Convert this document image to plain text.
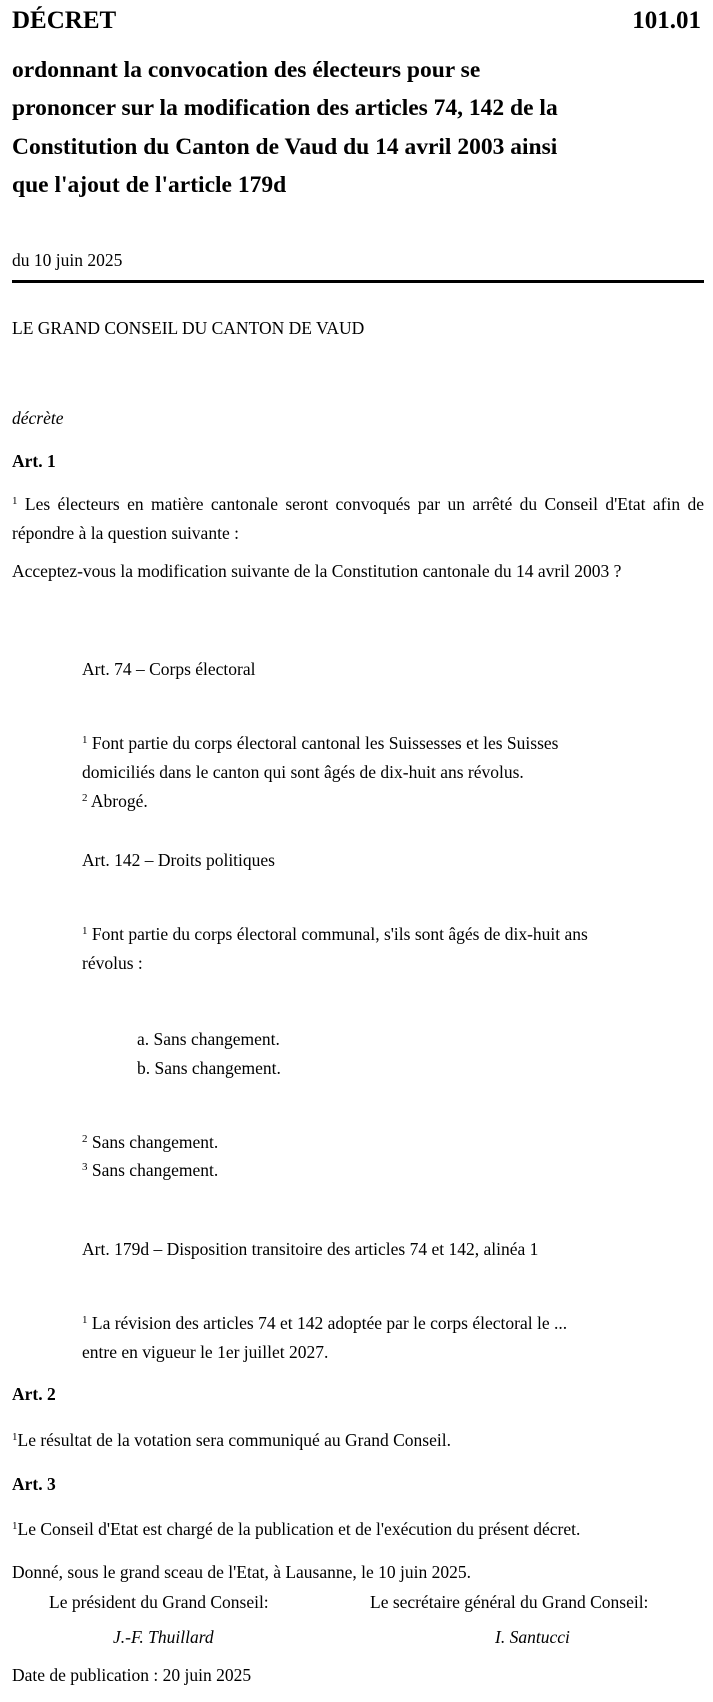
DÉCRET	101.01
ordonnant la convocation des électeurs pour se
prononcer sur la modification des articles 74, 142 de la
Constitution du Canton de Vaud du 14 avril 2003 ainsi
que l'ajout de l'article 179d
du 10 juin 2025
LE GRAND CONSEIL DU CANTON DE VAUD
décrète
Art. 1
$^1$ Les électeurs en matière cantonale seront convoqués par un arrêté du Conseil d'Etat afin de répondre à la question suivante :
Acceptez-vous la modification suivante de la Constitution cantonale du 14 avril 2003 ?
Art. 74 – Corps électoral
$^1$ Font partie du corps électoral cantonal les Suissesses et les Suisses
domiciliés dans le canton qui sont âgés de dix-huit ans révolus.
$^2$ Abrogé.
Art. 142 – Droits politiques
$^1$ Font partie du corps électoral communal, s'ils sont âgés de dix-huit ans
révolus :
a. Sans changement.
b. Sans changement.
$^2$ Sans changement.
$^3$ Sans changement.
Art. 179d – Disposition transitoire des articles 74 et 142, alinéa 1
$^1$ La révision des articles 74 et 142 adoptée par le corps électoral le ...
entre en vigueur le 1er juillet 2027.
Art. 2
$^1$Le résultat de la votation sera communiqué au Grand Conseil.
Art. 3
$^1$Le Conseil d'Etat est chargé de la publication et de l'exécution du présent décret.
Donné, sous le grand sceau de l'Etat, à Lausanne, le 10 juin 2025.
Le président du Grand Conseil:
J.-F. Thuillard
Le secrétaire général du Grand Conseil:
I. Santucci
Date de publication : 20 juin 2025
